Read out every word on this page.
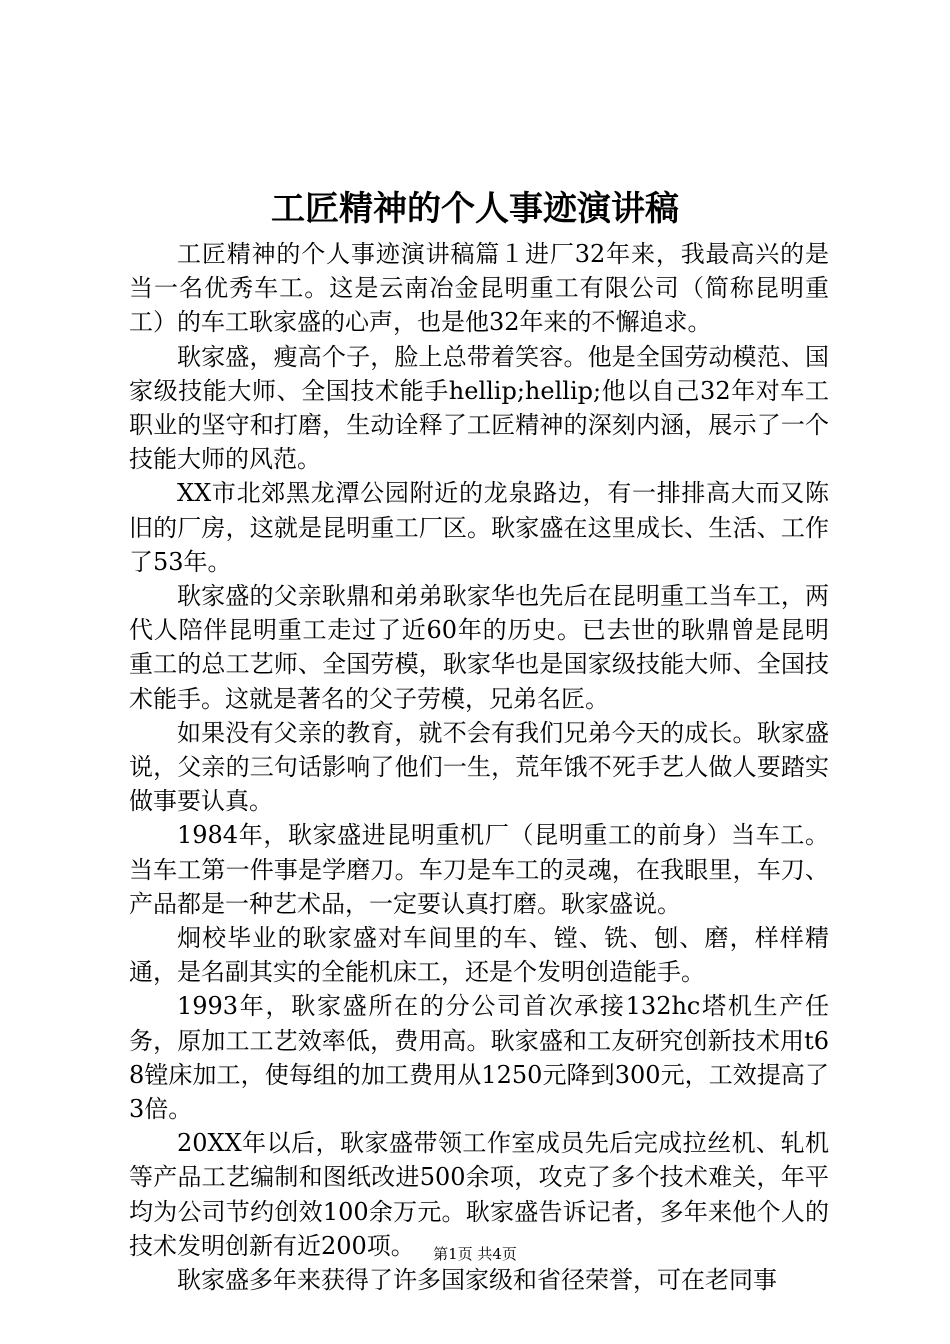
工匠精神的个人事迹演讲稿

工匠精神的个人事迹演讲稿篇１进厂32年来，我最高兴的是当一名优秀车工。这是云南冶金昆明重工有限公司（简称昆明重工）的车工耿家盛的心声，也是他32年来的不懈追求。

耿家盛，瘦高个子，脸上总带着笑容。他是全国劳动模范、国家级技能大师、全国技术能手hellip;hellip;他以自己32年对车工职业的坚守和打磨，生动诠释了工匠精神的深刻内涵，展示了一个技能大师的风范。

XX市北郊黑龙潭公园附近的龙泉路边，有一排排高大而又陈旧的厂房，这就是昆明重工厂区。耿家盛在这里成长、生活、工作了53年。

耿家盛的父亲耿鼎和弟弟耿家华也先后在昆明重工当车工，两代人陪伴昆明重工走过了近60年的历史。已去世的耿鼎曾是昆明重工的总工艺师、全国劳模，耿家华也是国家级技能大师、全国技术能手。这就是著名的父子劳模，兄弟名匠。

如果没有父亲的教育，就不会有我们兄弟今天的成长。耿家盛说，父亲的三句话影响了他们一生，荒年饿不死手艺人做人要踏实做事要认真。

1984年，耿家盛进昆明重机厂（昆明重工的前身）当车工。当车工第一件事是学磨刀。车刀是车工的灵魂，在我眼里，车刀、产品都是一种艺术品，一定要认真打磨。耿家盛说。

炯校毕业的耿家盛对车间里的车、镗、铣、刨、磨，样样精通，是名副其实的全能机床工，还是个发明创造能手。

1993年，耿家盛所在的分公司首次承接132hc塔机生产任务，原加工工艺效率低，费用高。耿家盛和工友研究创新技术用t68镗床加工，使每组的加工费用从1250元降到300元，工效提高了3倍。

20XX年以后，耿家盛带领工作室成员先后完成拉丝机、轧机等产品工艺编制和图纸改进500余项，攻克了多个技术难关，年平均为公司节约创效100余万元。耿家盛告诉记者，多年来他个人的技术发明创新有近200项。

耿家盛多年来获得了许多国家级和省径荣誉，可在老同事

第1页 共4页
